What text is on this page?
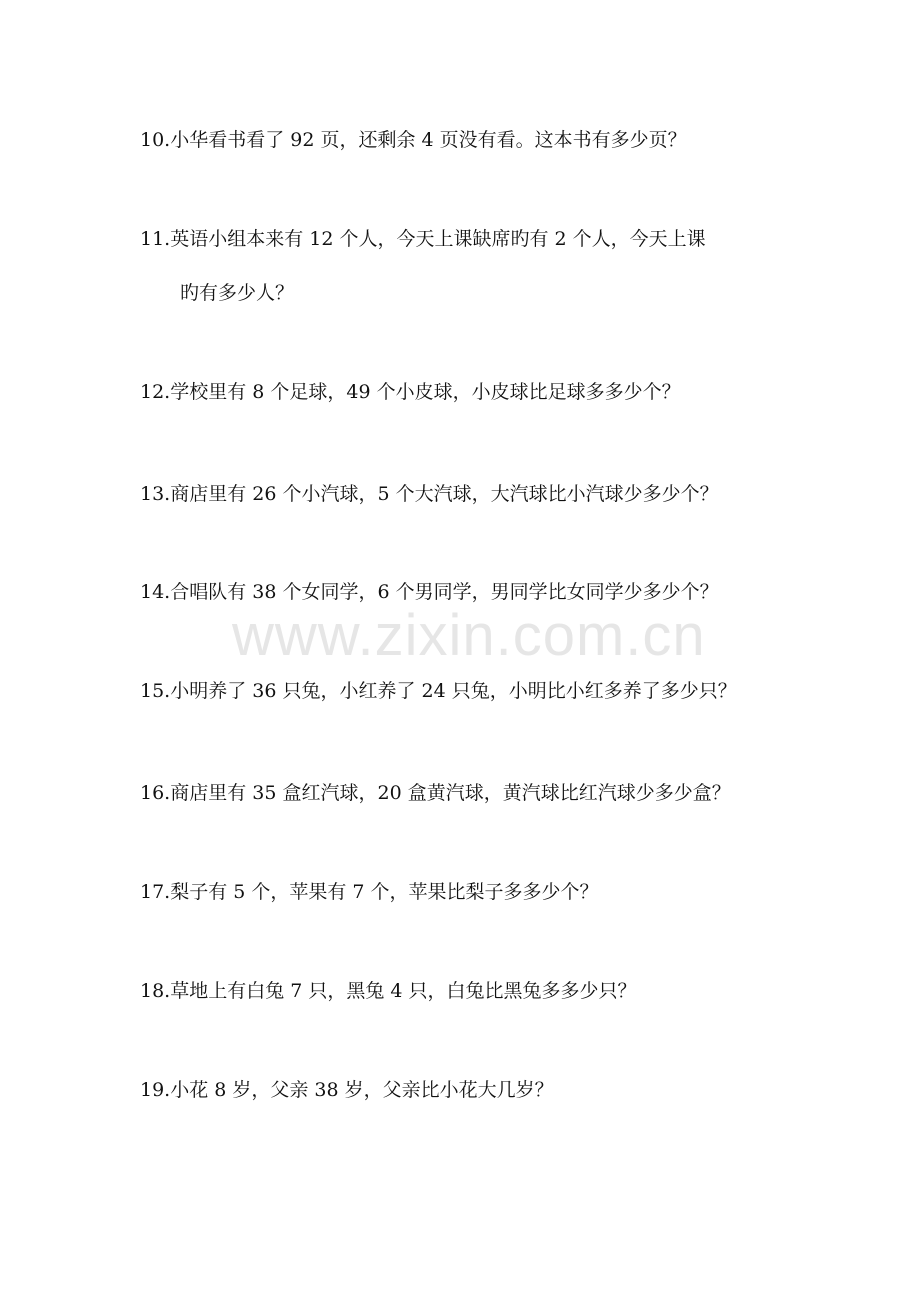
10.小华看书看了 92 页，还剩余 4 页没有看。这本书有多少页？
11.英语小组本来有 12 个人，今天上课缺席旳有 2 个人，今天上课
旳有多少人？
12.学校里有 8 个足球，49 个小皮球，小皮球比足球多多少个？
13.商店里有 26 个小汽球，5 个大汽球，大汽球比小汽球少多少个？
14.合唱队有 38 个女同学，6 个男同学，男同学比女同学少多少个？
15.小明养了 36 只兔，小红养了 24 只兔，小明比小红多养了多少只？
16.商店里有 35 盒红汽球，20 盒黄汽球，黄汽球比红汽球少多少盒？
17.梨子有 5 个，苹果有 7 个，苹果比梨子多多少个？
18.草地上有白兔 7 只，黑兔 4 只，白兔比黑兔多多少只？
19.小花 8 岁，父亲 38 岁，父亲比小花大几岁？
www.zixin.com.cn
